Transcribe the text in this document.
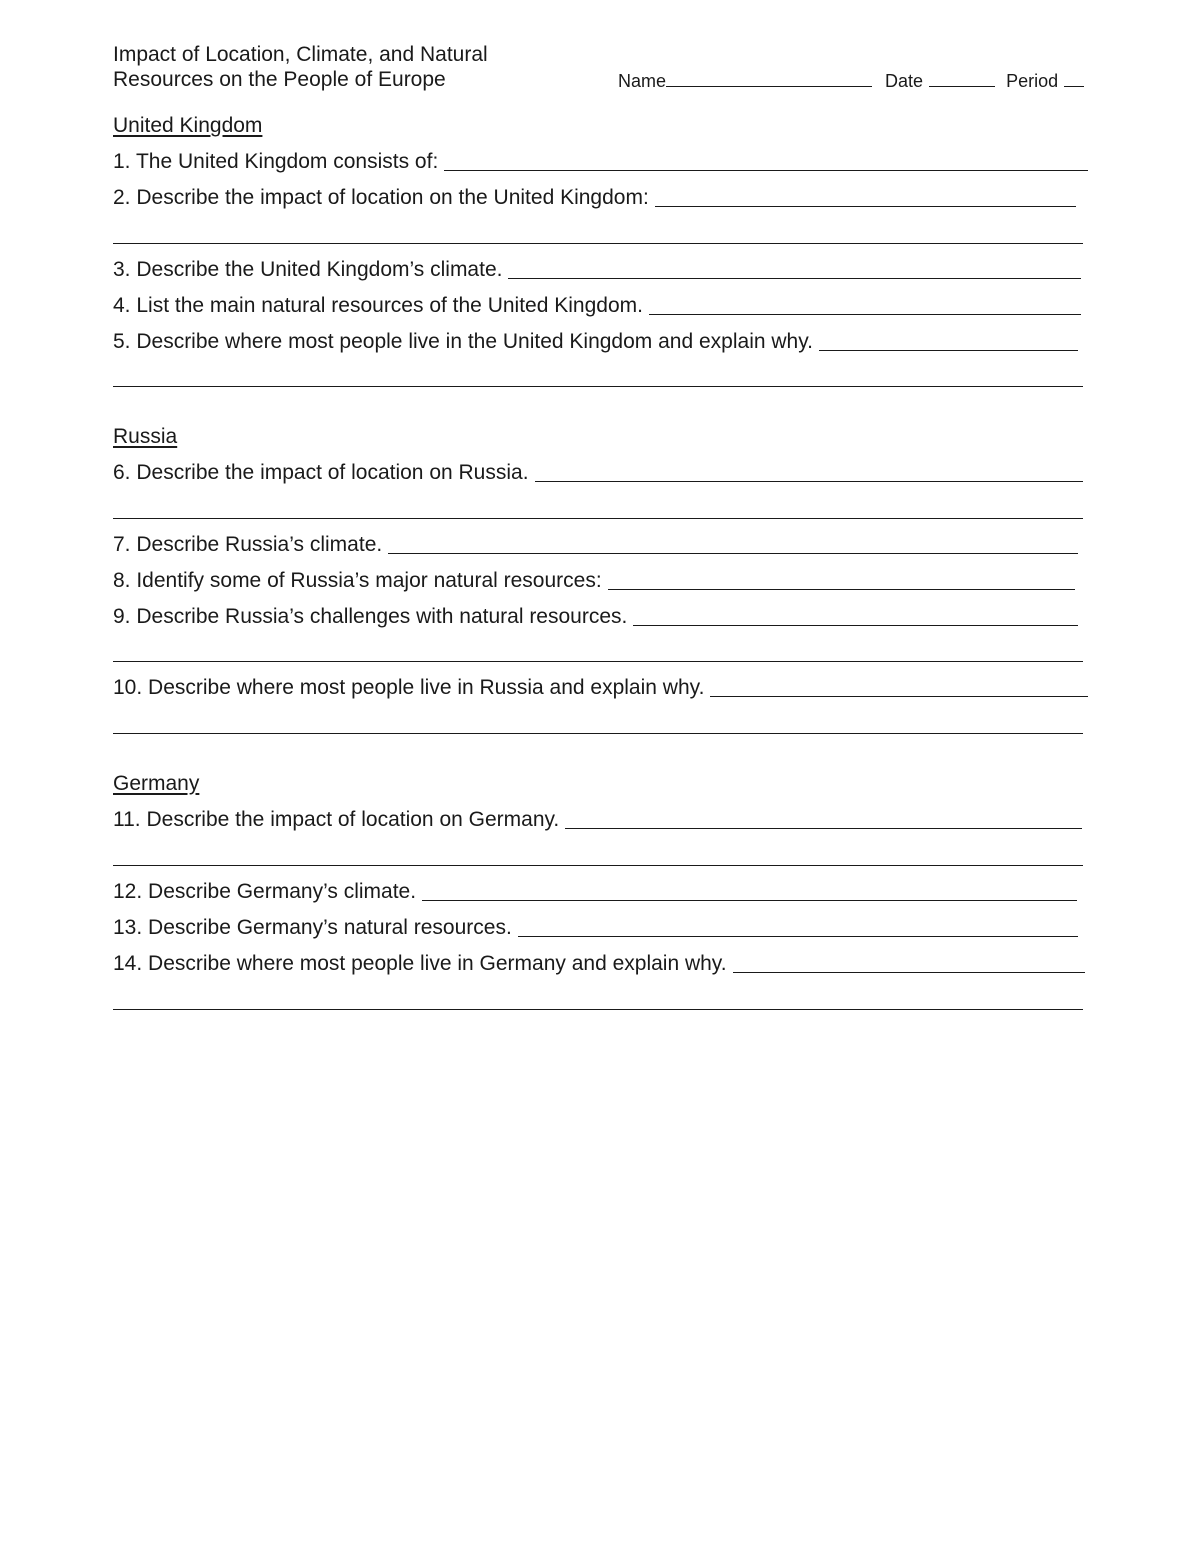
Impact of Location, Climate, and Natural
Resources on the People of Europe	Name	Date	Period
United Kingdom
1. The United Kingdom consists of:
2. Describe the impact of location on the United Kingdom:
3. Describe the United Kingdom’s climate.
4. List the main natural resources of the United Kingdom.
5. Describe where most people live in the United Kingdom and explain why.
Russia
6. Describe the impact of location on Russia.
7. Describe Russia’s climate.
8. Identify some of Russia’s major natural resources:
9. Describe Russia’s challenges with natural resources.
10. Describe where most people live in Russia and explain why.
Germany
11. Describe the impact of location on Germany.
12. Describe Germany’s climate.
13. Describe Germany’s natural resources.
14. Describe where most people live in Germany and explain why.
